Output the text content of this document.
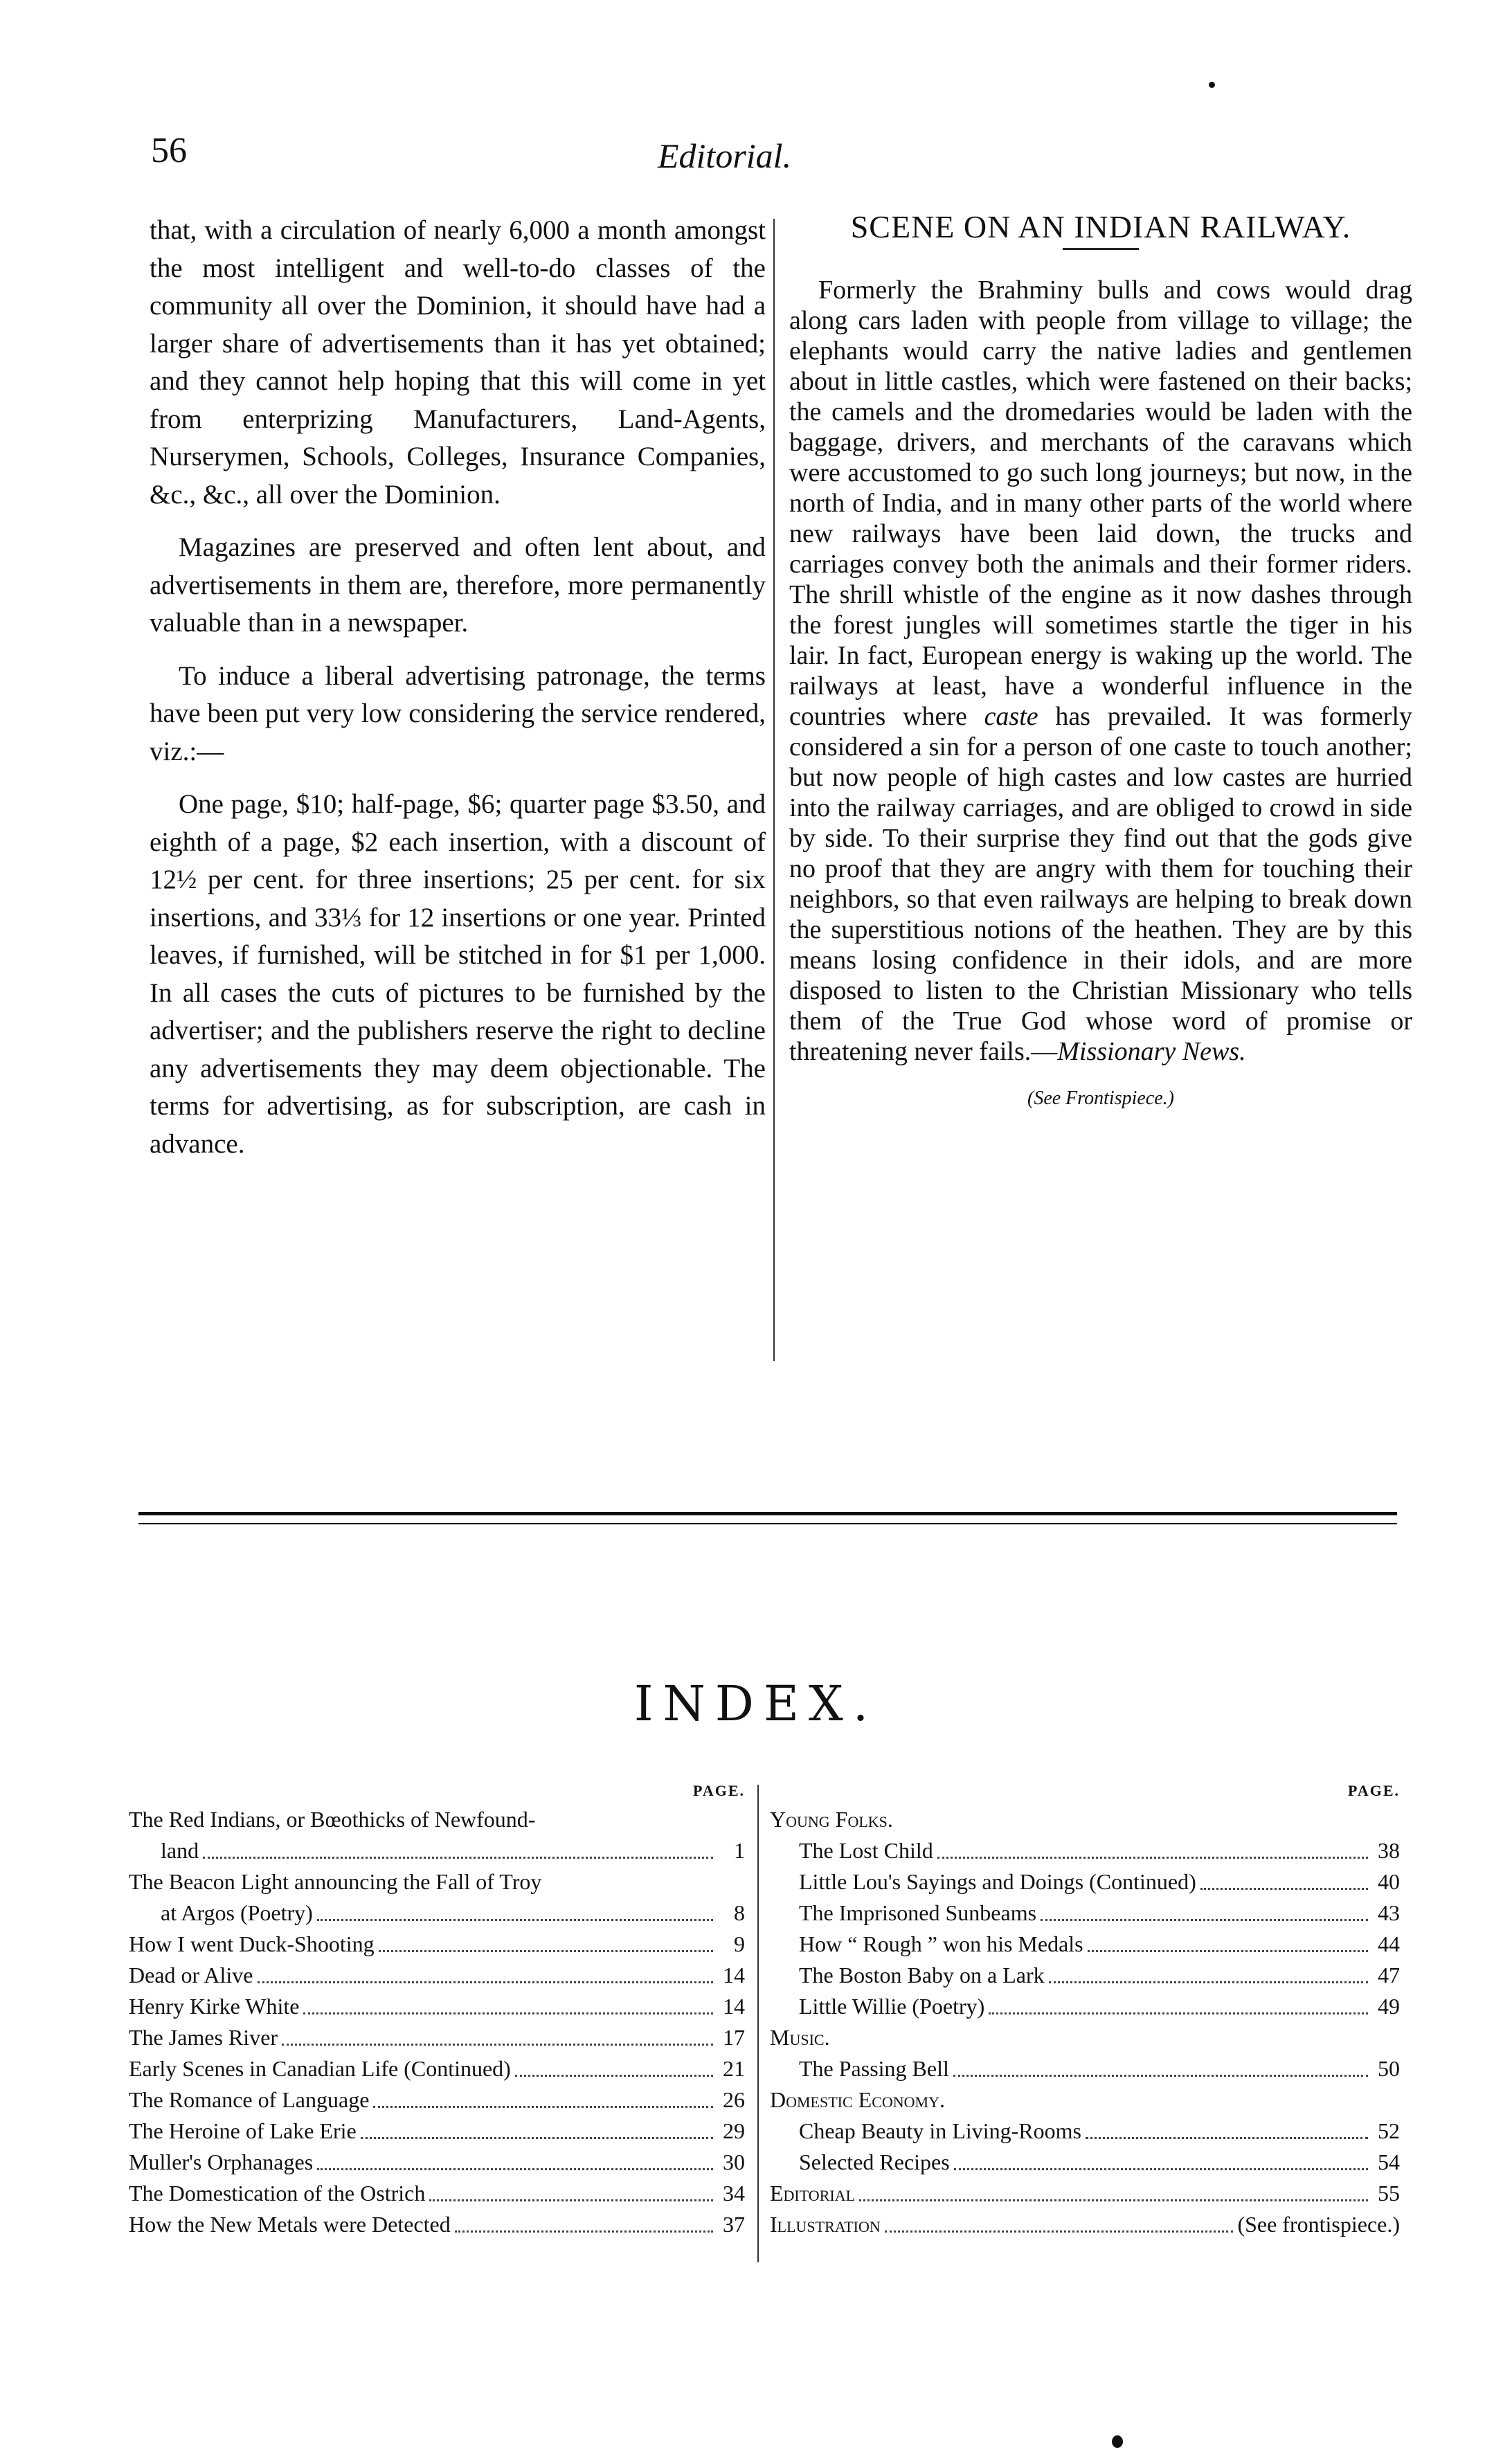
56	Editorial.

that, with a circulation of nearly 6,000 a month amongst the most intelligent and well-to-do classes of the community all over the Dominion, it should have had a larger share of advertisements than it has yet obtained; and they cannot help hoping that this will come in yet from enterprizing Manufacturers, Land-Agents, Nurserymen, Schools, Colleges, Insurance Companies, &c., &c., all over the Dominion.

Magazines are preserved and often lent about, and advertisements in them are, therefore, more permanently valuable than in a newspaper.

To induce a liberal advertising patronage, the terms have been put very low considering the service rendered, viz.:—

One page, $10; half-page, $6; quarter page $3.50, and eighth of a page, $2 each insertion, with a discount of 12½ per cent. for three insertions; 25 per cent. for six insertions, and 33⅓ for 12 insertions or one year. Printed leaves, if furnished, will be stitched in for $1 per 1,000. In all cases the cuts of pictures to be furnished by the advertiser; and the publishers reserve the right to decline any advertisements they may deem objectionable. The terms for advertising, as for subscription, are cash in advance.

SCENE ON AN INDIAN RAILWAY.

Formerly the Brahminy bulls and cows would drag along cars laden with people from village to village; the elephants would carry the native ladies and gentlemen about in little castles, which were fastened on their backs; the camels and the dromedaries would be laden with the baggage, drivers, and merchants of the caravans which were accustomed to go such long journeys; but now, in the north of India, and in many other parts of the world where new railways have been laid down, the trucks and carriages convey both the animals and their former riders. The shrill whistle of the engine as it now dashes through the forest jungles will sometimes startle the tiger in his lair. In fact, European energy is waking up the world. The railways at least, have a wonderful influence in the countries where caste has prevailed. It was formerly considered a sin for a person of one caste to touch another; but now people of high castes and low castes are hurried into the railway carriages, and are obliged to crowd in side by side. To their surprise they find out that the gods give no proof that they are angry with them for touching their neighbors, so that even railways are helping to break down the superstitious notions of the heathen. They are by this means losing confidence in their idols, and are more disposed to listen to the Christian Missionary who tells them of the True God whose word of promise or threatening never fails.—Missionary News.

(See Frontispiece.)

INDEX.
PAGE.
The Red Indians, or Bœothicks of Newfound-
land	1
The Beacon Light announcing the Fall of Troy
at Argos (Poetry)	8
How I went Duck-Shooting	9
Dead or Alive	14
Henry Kirke White	14
The James River	17
Early Scenes in Canadian Life (Continued)	21
The Romance of Language	26
The Heroine of Lake Erie	29
Muller's Orphanages	30
The Domestication of the Ostrich	34
How the New Metals were Detected	37
PAGE.
Young Folks.
The Lost Child	38
Little Lou's Sayings and Doings (Continued)	40
The Imprisoned Sunbeams	43
How “ Rough ” won his Medals	44
The Boston Baby on a Lark	47
Little Willie (Poetry)	49
Music.
The Passing Bell	50
Domestic Economy.
Cheap Beauty in Living-Rooms	52
Selected Recipes	54
Editorial	55
Illustration	(See frontispiece.)
